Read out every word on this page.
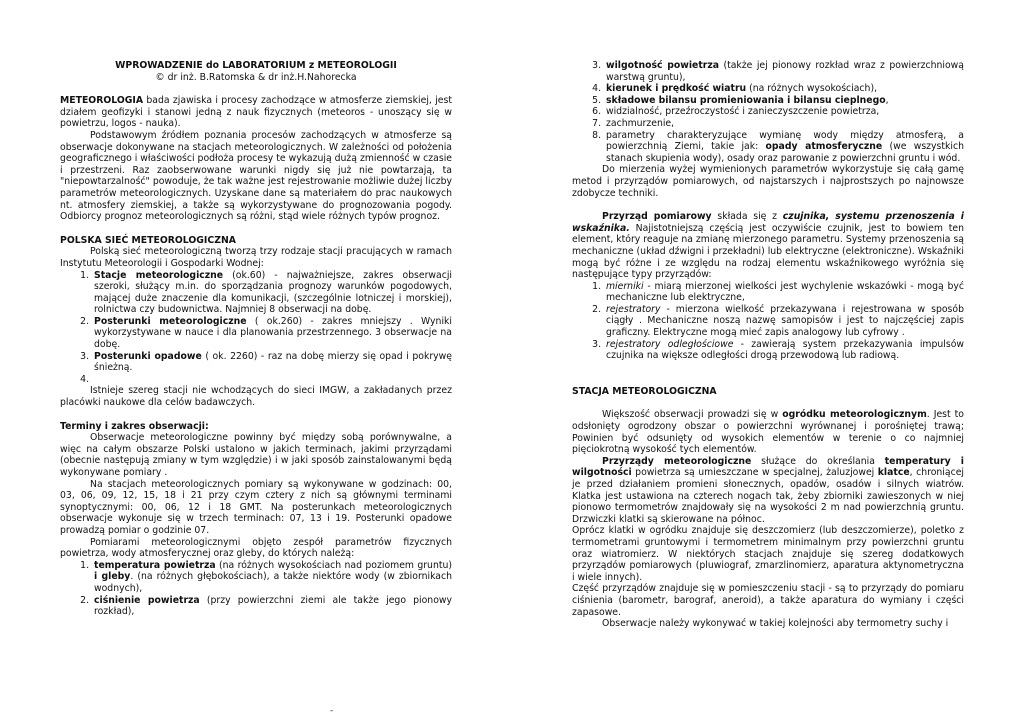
WPROWADZENIE do LABORATORIUM z METEOROLOGII

© dr inż. B.Ratomska & dr inż.H.Nahorecka

METEOROLOGIA bada zjawiska i procesy zachodzące w atmosferze ziemskiej, jest działem geofizyki i stanowi jedną z nauk fizycznych (meteoros - unoszący się w powietrzu, logos - nauka).

Podstawowym źródłem poznania procesów zachodzących w atmosferze są obserwacje dokonywane na stacjach meteorologicznych. W zależności od położenia geograficznego i właściwości podłoża procesy te wykazują dużą zmienność w czasie i przestrzeni. Raz zaobserwowane warunki nigdy się już nie powtarzają, ta "niepowtarzalność" powoduje, że tak ważne jest rejestrowanie możliwie dużej liczby parametrów meteorologicznych. Uzyskane dane są materiałem do prac naukowych nt. atmosfery ziemskiej, a także są wykorzystywane do prognozowania pogody. Odbiorcy prognoz meteorologicznych są różni, stąd wiele różnych typów prognoz.

POLSKA SIEĆ METEOROLOGICZNA

Polską sieć meteorologiczną tworzą trzy rodzaje stacji pracujących w ramach Instytutu Meteorologii i Gospodarki Wodnej:

1. Stacje meteorologiczne (ok.60) - najważniejsze, zakres obserwacji szeroki, służący m.in. do sporządzania prognozy warunków pogodowych, mającej duże znaczenie dla komunikacji, (szczególnie lotniczej i morskiej), rolnictwa czy budownictwa. Najmniej 8 obserwacji na dobę.
2. Posterunki meteorologiczne ( ok.260) - zakres mniejszy . Wyniki wykorzystywane w nauce i dla planowania przestrzennego. 3 obserwacje na dobę.
3. Posterunki opadowe ( ok. 2260) - raz na dobę mierzy się opad i pokrywę śnieżną.
4.

Istnieje szereg stacji nie wchodzących do sieci IMGW, a zakładanych przez placówki naukowe dla celów badawczych.

Terminy i zakres obserwacji:

Obserwacje meteorologiczne powinny być między sobą porównywalne, a więc na całym obszarze Polski ustalono w jakich terminach, jakimi przyrządami (obecnie następują zmiany w tym względzie) i w jaki sposób zainstalowanymi będą wykonywane pomiary .

Na stacjach meteorologicznych pomiary są wykonywane w godzinach: 00, 03, 06, 09, 12, 15, 18 i 21 przy czym cztery z nich są głównymi terminami synoptycznymi: 00, 06, 12 i 18 GMT. Na posterunkach meteorologicznych obserwacje wykonuje się w trzech terminach: 07, 13 i 19. Posterunki opadowe prowadzą pomiar o godzinie 07.

Pomiarami meteorologicznymi objęto zespół parametrów fizycznych powietrza, wody atmosferycznej oraz gleby, do których należą:

1. temperatura powietrza (na różnych wysokościach nad poziomem gruntu) i gleby. (na różnych głębokościach), a także niektóre wody (w zbiornikach wodnych),
2. ciśnienie powietrza (przy powierzchni ziemi ale także jego pionowy rozkład),
3. wilgotność powietrza (także jej pionowy rozkład wraz z powierzchniową warstwą gruntu),
4. kierunek i prędkość wiatru (na różnych wysokościach),
5. składowe bilansu promieniowania i bilansu cieplnego,
6. widzialność, przeźroczystość i zanieczyszczenie powietrza,
7. zachmurzenie,
8. parametry charakteryzujące wymianę wody między atmosferą, a powierzchnią Ziemi, takie jak: opady atmosferyczne (we wszystkich stanach skupienia wody), osady oraz parowanie z powierzchni gruntu i wód.

Do mierzenia wyżej wymienionych parametrów wykorzystuje się całą gamę metod i przyrządów pomiarowych, od najstarszych i najprostszych po najnowsze zdobycze techniki.

Przyrząd pomiarowy składa się z czujnika, systemu przenoszenia i wskaźnika. Najistotniejszą częścią jest oczywiście czujnik, jest to bowiem ten element, który reaguje na zmianę mierzonego parametru. Systemy przenoszenia są mechaniczne (układ dźwigni i przekładni) lub elektryczne (elektroniczne). Wskaźniki mogą być różne i ze względu na rodzaj elementu wskaźnikowego wyróżnia się następujące typy przyrządów:

1. mierniki - miarą mierzonej wielkości jest wychylenie wskazówki - mogą być mechaniczne lub elektryczne,
2. rejestratory - mierzona wielkość przekazywana i rejestrowana w sposób ciągły . Mechaniczne noszą nazwę samopisów i jest to najczęściej zapis graficzny. Elektryczne mogą mieć zapis analogowy lub cyfrowy .
3. rejestratory odległościowe - zawierają system przekazywania impulsów czujnika na większe odległości drogą przewodową lub radiową.

STACJA METEOROLOGICZNA

Większość obserwacji prowadzi się w ogródku meteorologicznym. Jest to odsłonięty ogrodzony obszar o powierzchni wyrównanej i porośniętej trawą; Powinien być odsunięty od wysokich elementów w terenie o co najmniej pięciokrotną wysokość tych elementów.

Przyrządy meteorologiczne służące do określania temperatury i wilgotności powietrza są umieszczane w specjalnej, żaluzjowej klatce, chroniącej je przed działaniem promieni słonecznych, opadów, osadów i silnych wiatrów. Klatka jest ustawiona na czterech nogach tak, żeby zbiorniki zawieszonych w niej pionowo termometrów znajdowały się na wysokości 2 m nad powierzchnią gruntu. Drzwiczki klatki są skierowane na północ.

Oprócz klatki w ogródku znajduje się deszczomierz (lub deszczomierze), poletko z termometrami gruntowymi i termometrem minimalnym przy powierzchni gruntu oraz wiatromierz. W niektórych stacjach znajduje się szereg dodatkowych przyrządów pomiarowych (pluwiograf, zmarzlinomierz, aparatura aktynometryczna i wiele innych).

Część przyrządów znajduje się w pomieszczeniu stacji - są to przyrządy do pomiaru ciśnienia (barometr, barograf, aneroid), a także aparatura do wymiany i części zapasowe.

Obserwacje należy wykonywać w takiej kolejności aby termometry suchy i

-
